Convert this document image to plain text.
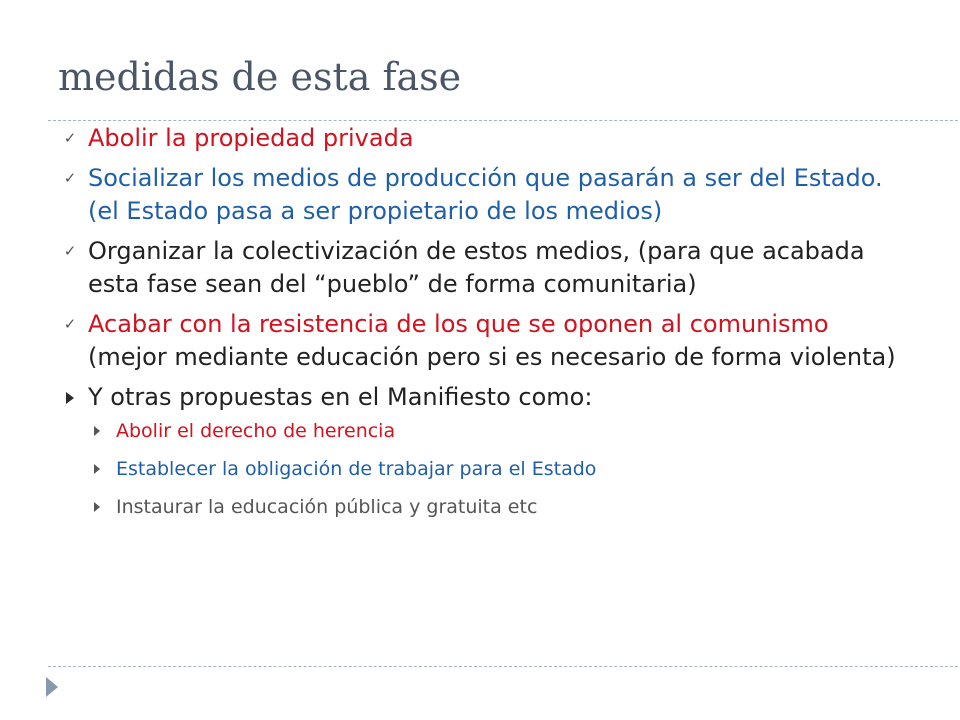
medidas de esta fase
✓ Abolir la propiedad privada
✓ Socializar los medios de producción que pasarán a ser del Estado. (el Estado pasa a ser propietario de los medios)
✓ Organizar la colectivización de estos medios, (para que acabada esta fase sean del “pueblo” de forma comunitaria)
✓ Acabar con la resistencia de los que se oponen al comunismo (mejor mediante educación pero si es necesario de forma violenta)
Y otras propuestas en el Manifiesto como:
Abolir el derecho de herencia
Establecer la obligación de trabajar para el Estado
Instaurar la educación pública y gratuita etc
